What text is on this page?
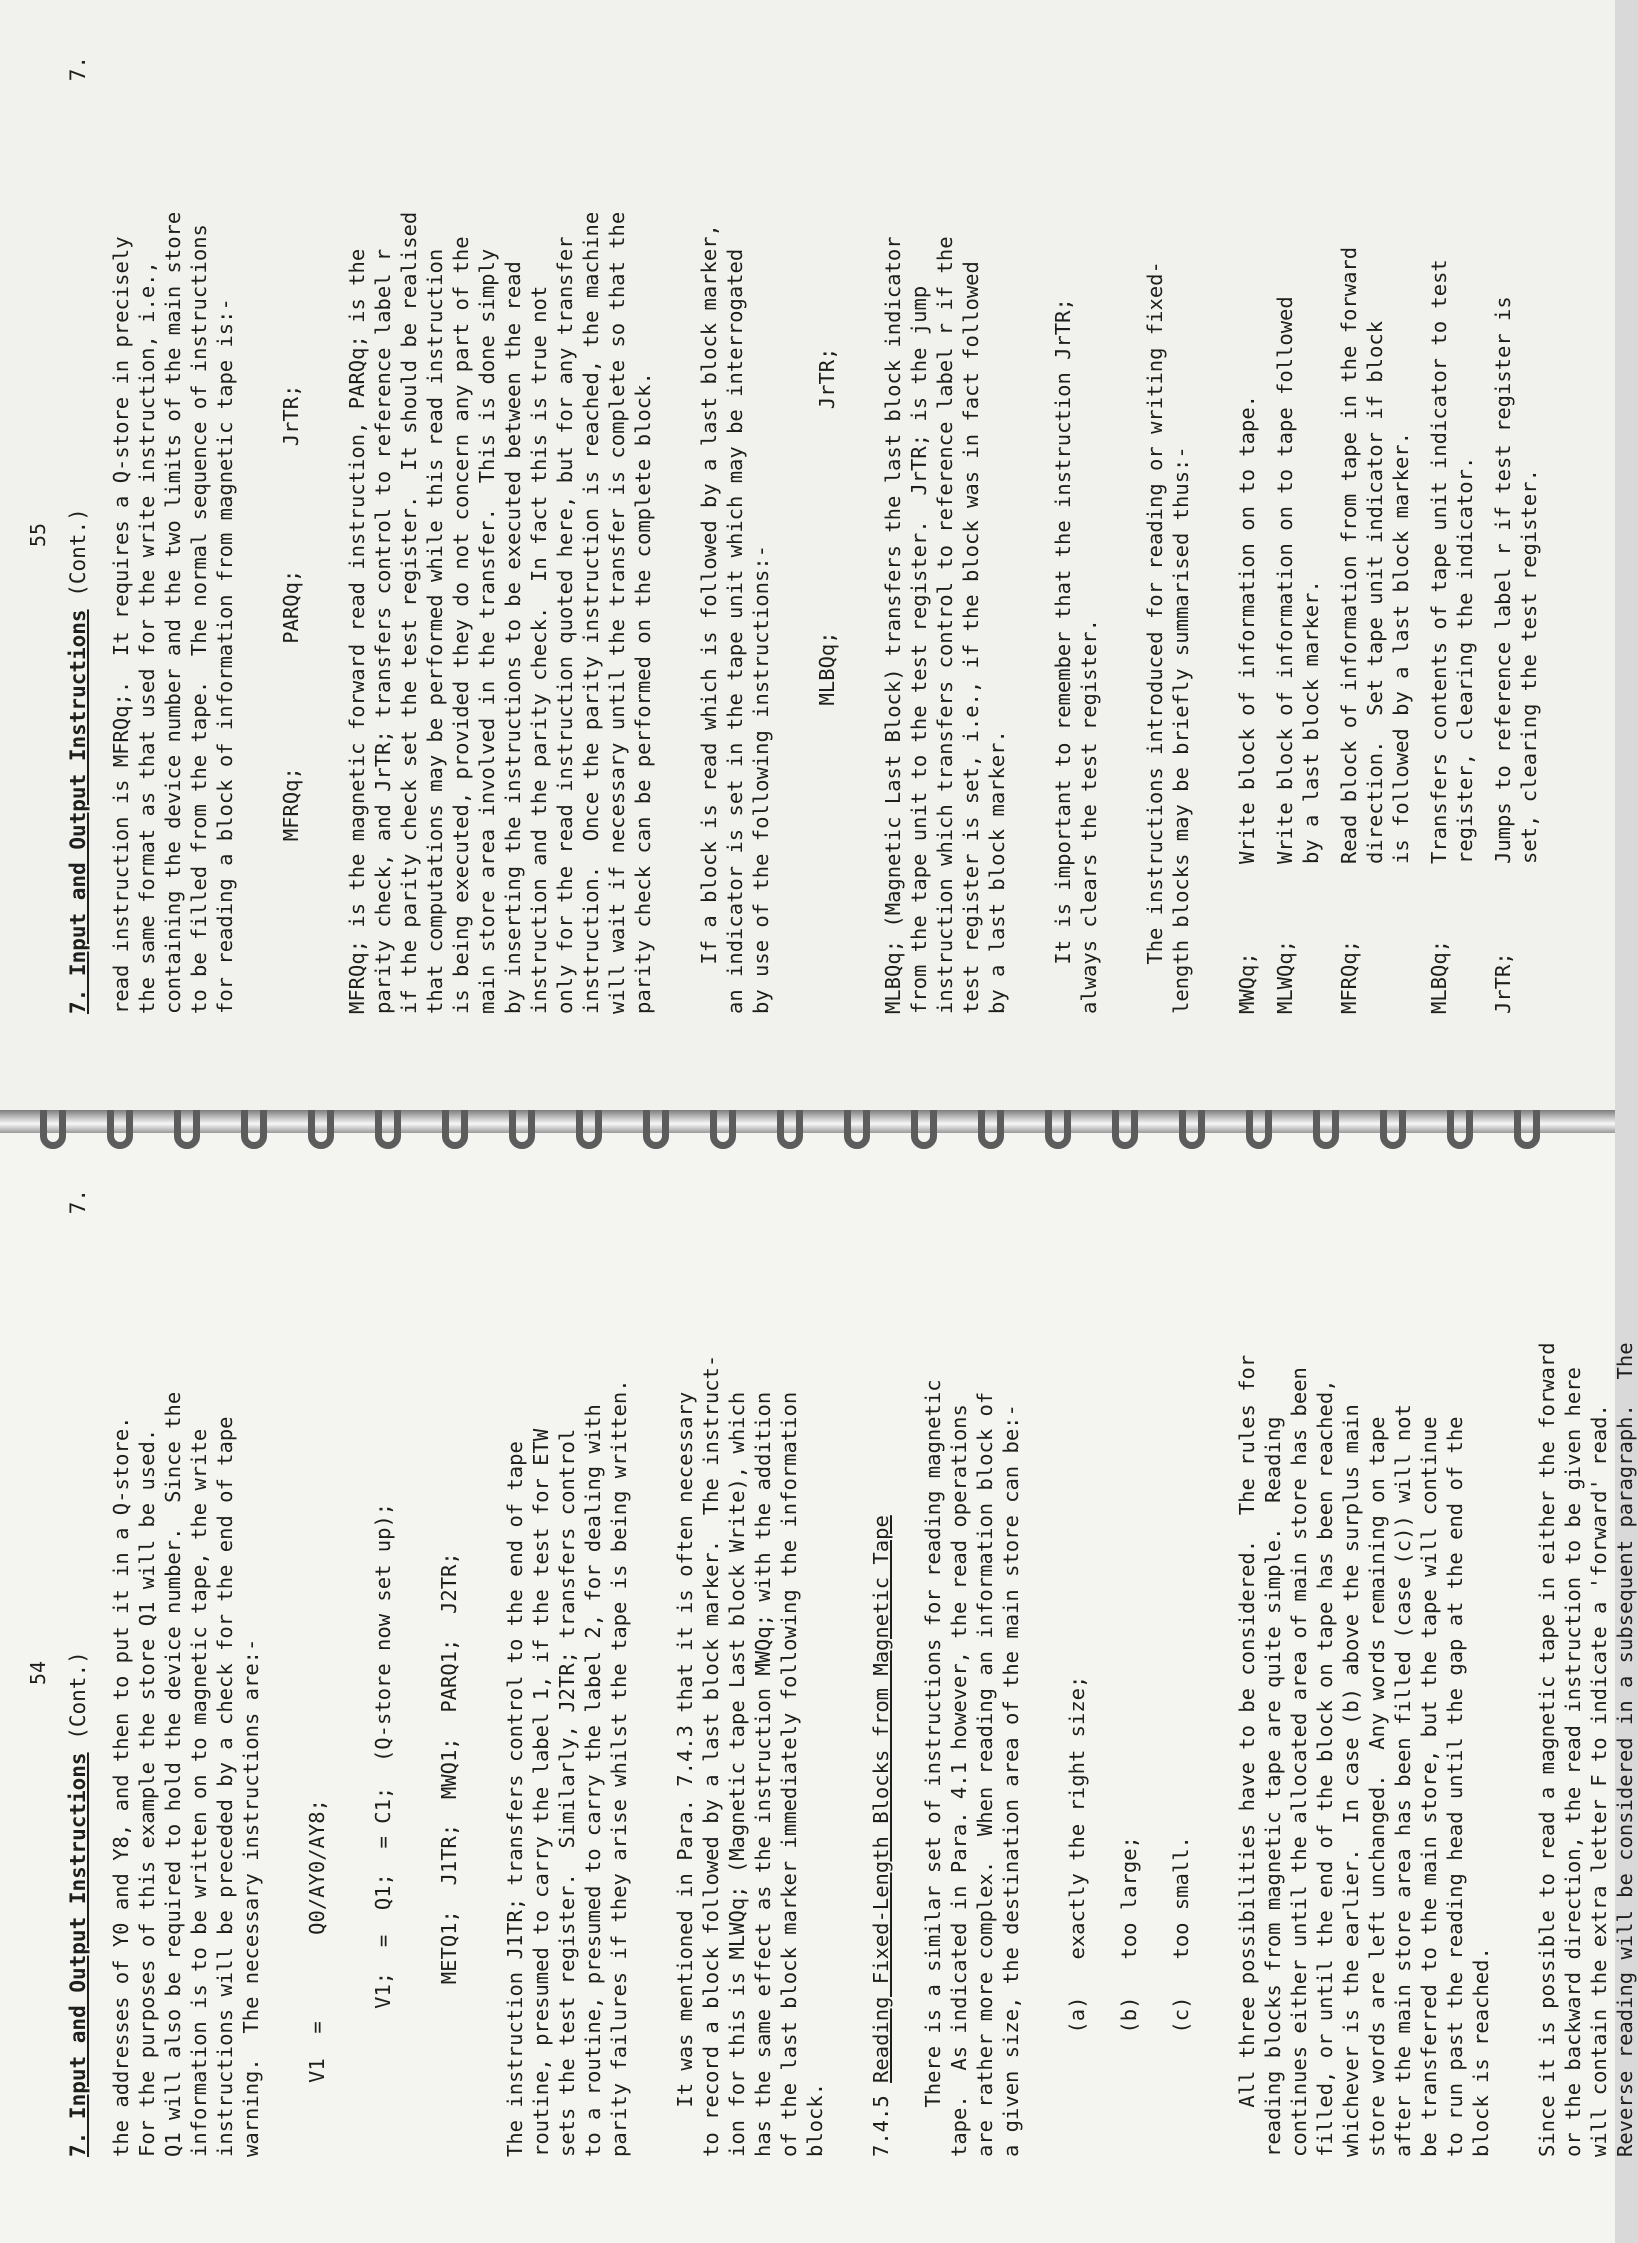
54
7. Input and Output Instructions (Cont.)
7.

the addresses of Y0 and Y8, and then to put it in a Q-store.
For the purposes of this example the store Q1 will be used.
Q1 will also be required to hold the device number.  Since the
information is to be written on to magnetic tape, the write
instructions will be preceded by a check for the end of tape
warning.  The necessary instructions are:-

V1  =       Q0/AY0/AY8; V1;  =  Q1;  = C1;  (Q-store now set up); METQ1;  J1TR;  MWQ1;  PARQ1;  J2TR; The instruction J1TR; transfers control to the end of tape
routine, presumed to carry the label 1, if the test for ETW
sets the test register.  Similarly, J2TR; transfers control
to a routine, presumed to carry the label 2, for dealing with
parity failures if they arise whilst the tape is being written.

It was mentioned in Para. 7.4.3 that it is often necessary
to record a block followed by a last block marker.  The instruct-
ion for this is MLWQq; (Magnetic tape Last block Write), which
has the same effect as the instruction MWQq; with the addition
of the last block marker immediately following the information
block. 7.4.5 Reading Fixed-Length Blocks from Magnetic Tape There is a similar set of instructions for reading magnetic
tape.  As indicated in Para. 4.1 however, the read operations
are rather more complex.  When reading an information block of
a given size, the destination area of the main store can be:-

(a)   exactly the right size; (b)   too large; (c)   too small. All three possibilities have to be considered.  The rules for
reading blocks from magnetic tape are quite simple.  Reading
continues either until the allocated area of main store has been
filled, or until the end of the block on tape has been reached,
whichever is the earlier.  In case (b) above the surplus main
store words are left unchanged.  Any words remaining on tape
after the main store area has been filled (case (c)) will not
be transferred to the main store, but the tape will continue
to run past the reading head until the gap at the end of the
block is reached.

Since it is possible to read a magnetic tape in either the forward
or the backward direction, the read instruction to be given here
will contain the extra letter F to indicate a 'forward' read.
Reverse reading will be considered in a subsequent paragraph.  The

55
7. Input and Output Instructions (Cont.)
7.

read instruction is MFRQq;.  It requires a Q-store in precisely
the same format as that used for the write instruction, i.e.,
containing the device number and the two limits of the main store
to be filled from the tape.  The normal sequence of instructions
for reading a block of information from magnetic tape is:-

MFRQq;          PARQq;          JrTR; MFRQq; is the magnetic forward read instruction, PARQq; is the
parity check, and JrTR; transfers control to reference label r
if the parity check set the test register.  It should be realised
that computations may be performed while this read instruction
is being executed, provided they do not concern any part of the
main store area involved in the transfer.  This is done simply
by inserting the instructions to be executed between the read
instruction and the parity check.  In fact this is true not
only for the read instruction quoted here, but for any transfer
instruction.  Once the parity instruction is reached, the machine
will wait if necessary until the transfer is complete so that the
parity check can be performed on the complete block.

If a block is read which is followed by a last block marker,
an indicator is set in the tape unit which may be interrogated
by use of the following instructions:- MLBQq;                  JrTR; MLBQq; (Magnetic Last Block) transfers the last block indicator
from the tape unit to the test register.  JrTR; is the jump
instruction which transfers control to reference label r if the
test register is set, i.e., if the block was in fact followed
by a last block marker.

It is important to remember that the instruction JrTR;
always clears the test register.

The instructions introduced for reading or writing fixed-
length blocks may be briefly summarised thus:-

MWQq;	Write block of information on to tape.
MLWQq;	Write block of information on to tape followed
by a last block marker.
MFRQq;	Read block of information from tape in the forward
direction.  Set tape unit indicator if block
is followed by a last block marker.
MLBQq;	Transfers contents of tape unit indicator to test
register, clearing the indicator.
JrTR;	Jumps to reference label r if test register is
set, clearing the test register.
